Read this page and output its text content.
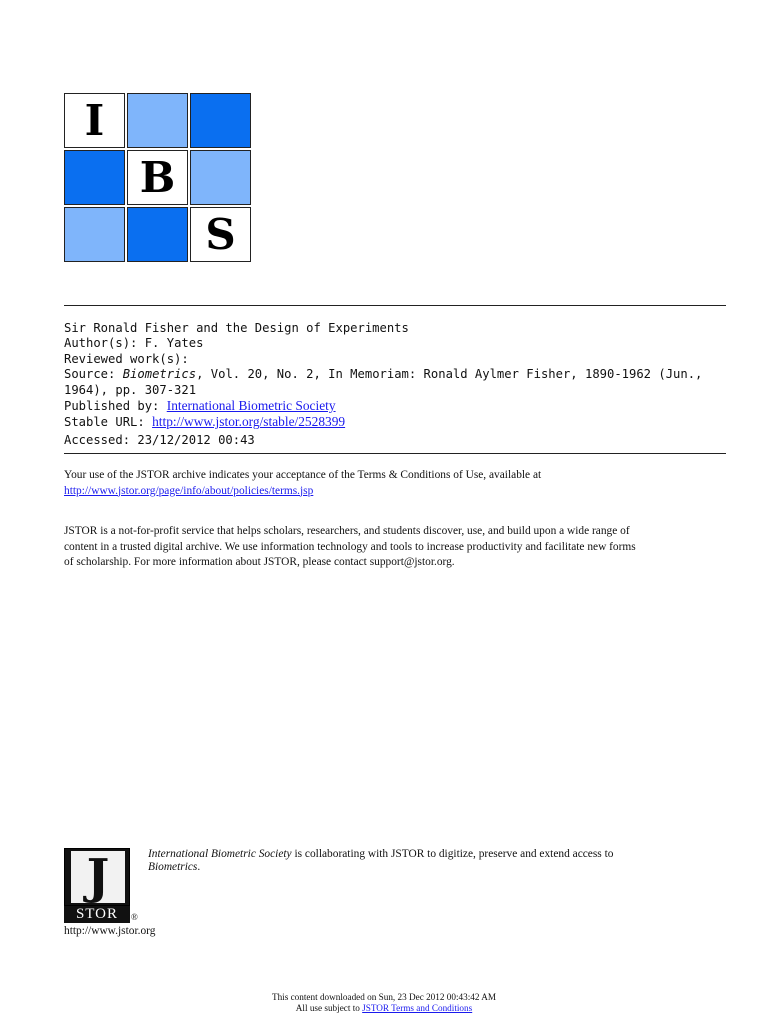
I
B
S
Sir Ronald Fisher and the Design of Experiments
Author(s): F. Yates
Reviewed work(s):
Source: Biometrics, Vol. 20, No. 2, In Memoriam: Ronald Aylmer Fisher, 1890-1962 (Jun.,
1964), pp. 307-321
Published by: International Biometric Society
Stable URL: http://www.jstor.org/stable/2528399
Accessed: 23/12/2012 00:43
Your use of the JSTOR archive indicates your acceptance of the Terms & Conditions of Use, available at
http://www.jstor.org/page/info/about/policies/terms.jsp
JSTOR is a not-for-profit service that helps scholars, researchers, and students discover, use, and build upon a wide range of
content in a trusted digital archive. We use information technology and tools to increase productivity and facilitate new forms
of scholarship. For more information about JSTOR, please contact support@jstor.org.
J
STOR	®
International Biometric Society is collaborating with JSTOR to digitize, preserve and extend access to
Biometrics.
http://www.jstor.org
This content downloaded on Sun, 23 Dec 2012 00:43:42 AM
All use subject to JSTOR Terms and Conditions
